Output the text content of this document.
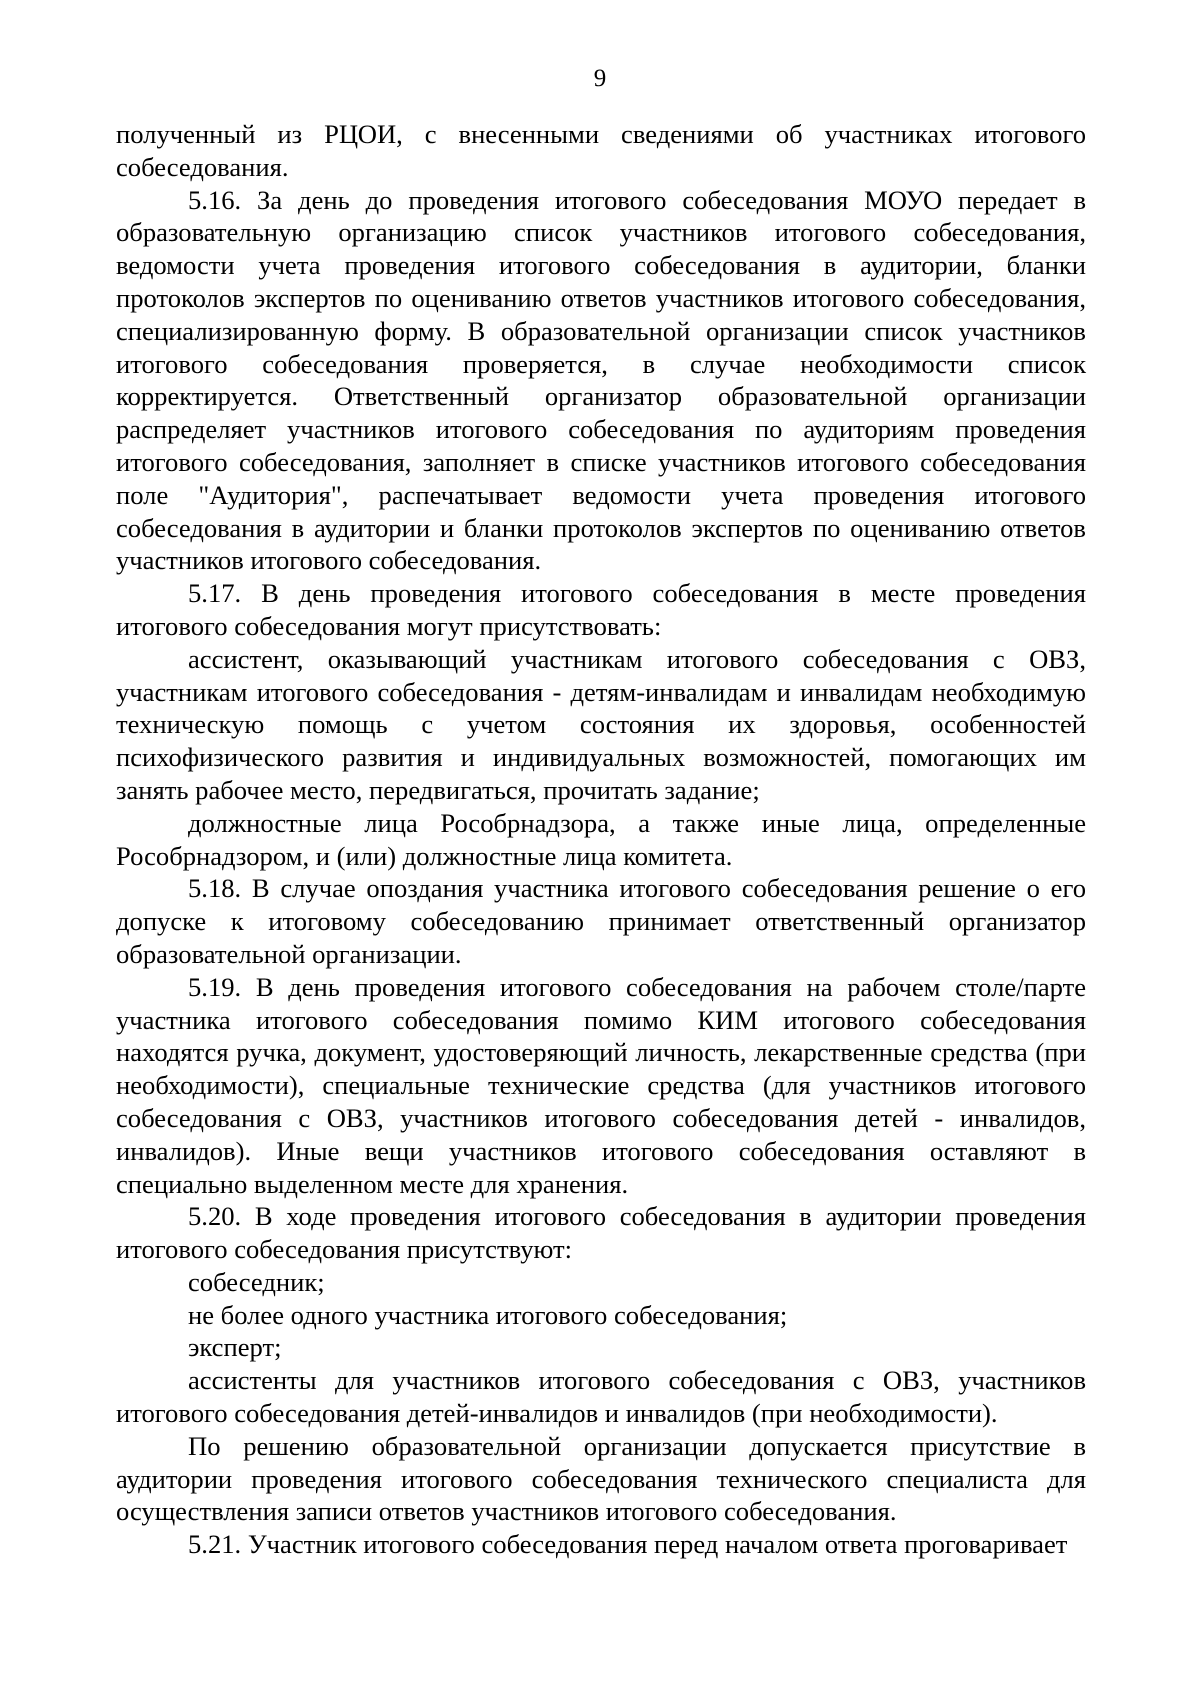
9

полученный из РЦОИ, с внесенными сведениями об участниках итогового собеседования.

5.16. За день до проведения итогового собеседования МОУО передает в образовательную организацию список участников итогового собеседования, ведомости учета проведения итогового собеседования в аудитории, бланки протоколов экспертов по оцениванию ответов участников итогового собеседования, специализированную форму. В образовательной организации список участников итогового собеседования проверяется, в случае необходимости список корректируется. Ответственный организатор образовательной организации распределяет участников итогового собеседования по аудиториям проведения итогового собеседования, заполняет в списке участников итогового собеседования поле "Аудитория", распечатывает ведомости учета проведения итогового собеседования в аудитории и бланки протоколов экспертов по оцениванию ответов участников итогового собеседования.

5.17. В день проведения итогового собеседования в месте проведения итогового собеседования могут присутствовать:

ассистент, оказывающий участникам итогового собеседования с ОВЗ, участникам итогового собеседования - детям-инвалидам и инвалидам необходимую техническую помощь с учетом состояния их здоровья, особенностей психофизического развития и индивидуальных возможностей, помогающих им занять рабочее место, передвигаться, прочитать задание;

должностные лица Рособрнадзора, а также иные лица, определенные Рособрнадзором, и (или) должностные лица комитета.

5.18. В случае опоздания участника итогового собеседования решение о его допуске к итоговому собеседованию принимает ответственный организатор образовательной организации.

5.19. В день проведения итогового собеседования на рабочем столе/парте участника итогового собеседования помимо КИМ итогового собеседования находятся ручка, документ, удостоверяющий личность, лекарственные средства (при необходимости), специальные технические средства (для участников итогового собеседования с ОВЗ, участников итогового собеседования детей - инвалидов, инвалидов). Иные вещи участников итогового собеседования оставляют в специально выделенном месте для хранения.

5.20. В ходе проведения итогового собеседования в аудитории проведения итогового собеседования присутствуют:

собеседник;

не более одного участника итогового собеседования;

эксперт;

ассистенты для участников итогового собеседования с ОВЗ, участников итогового собеседования детей-инвалидов и инвалидов (при необходимости).

По решению образовательной организации допускается присутствие в аудитории проведения итогового собеседования технического специалиста для осуществления записи ответов участников итогового собеседования.

5.21. Участник итогового собеседования перед началом ответа проговаривает
